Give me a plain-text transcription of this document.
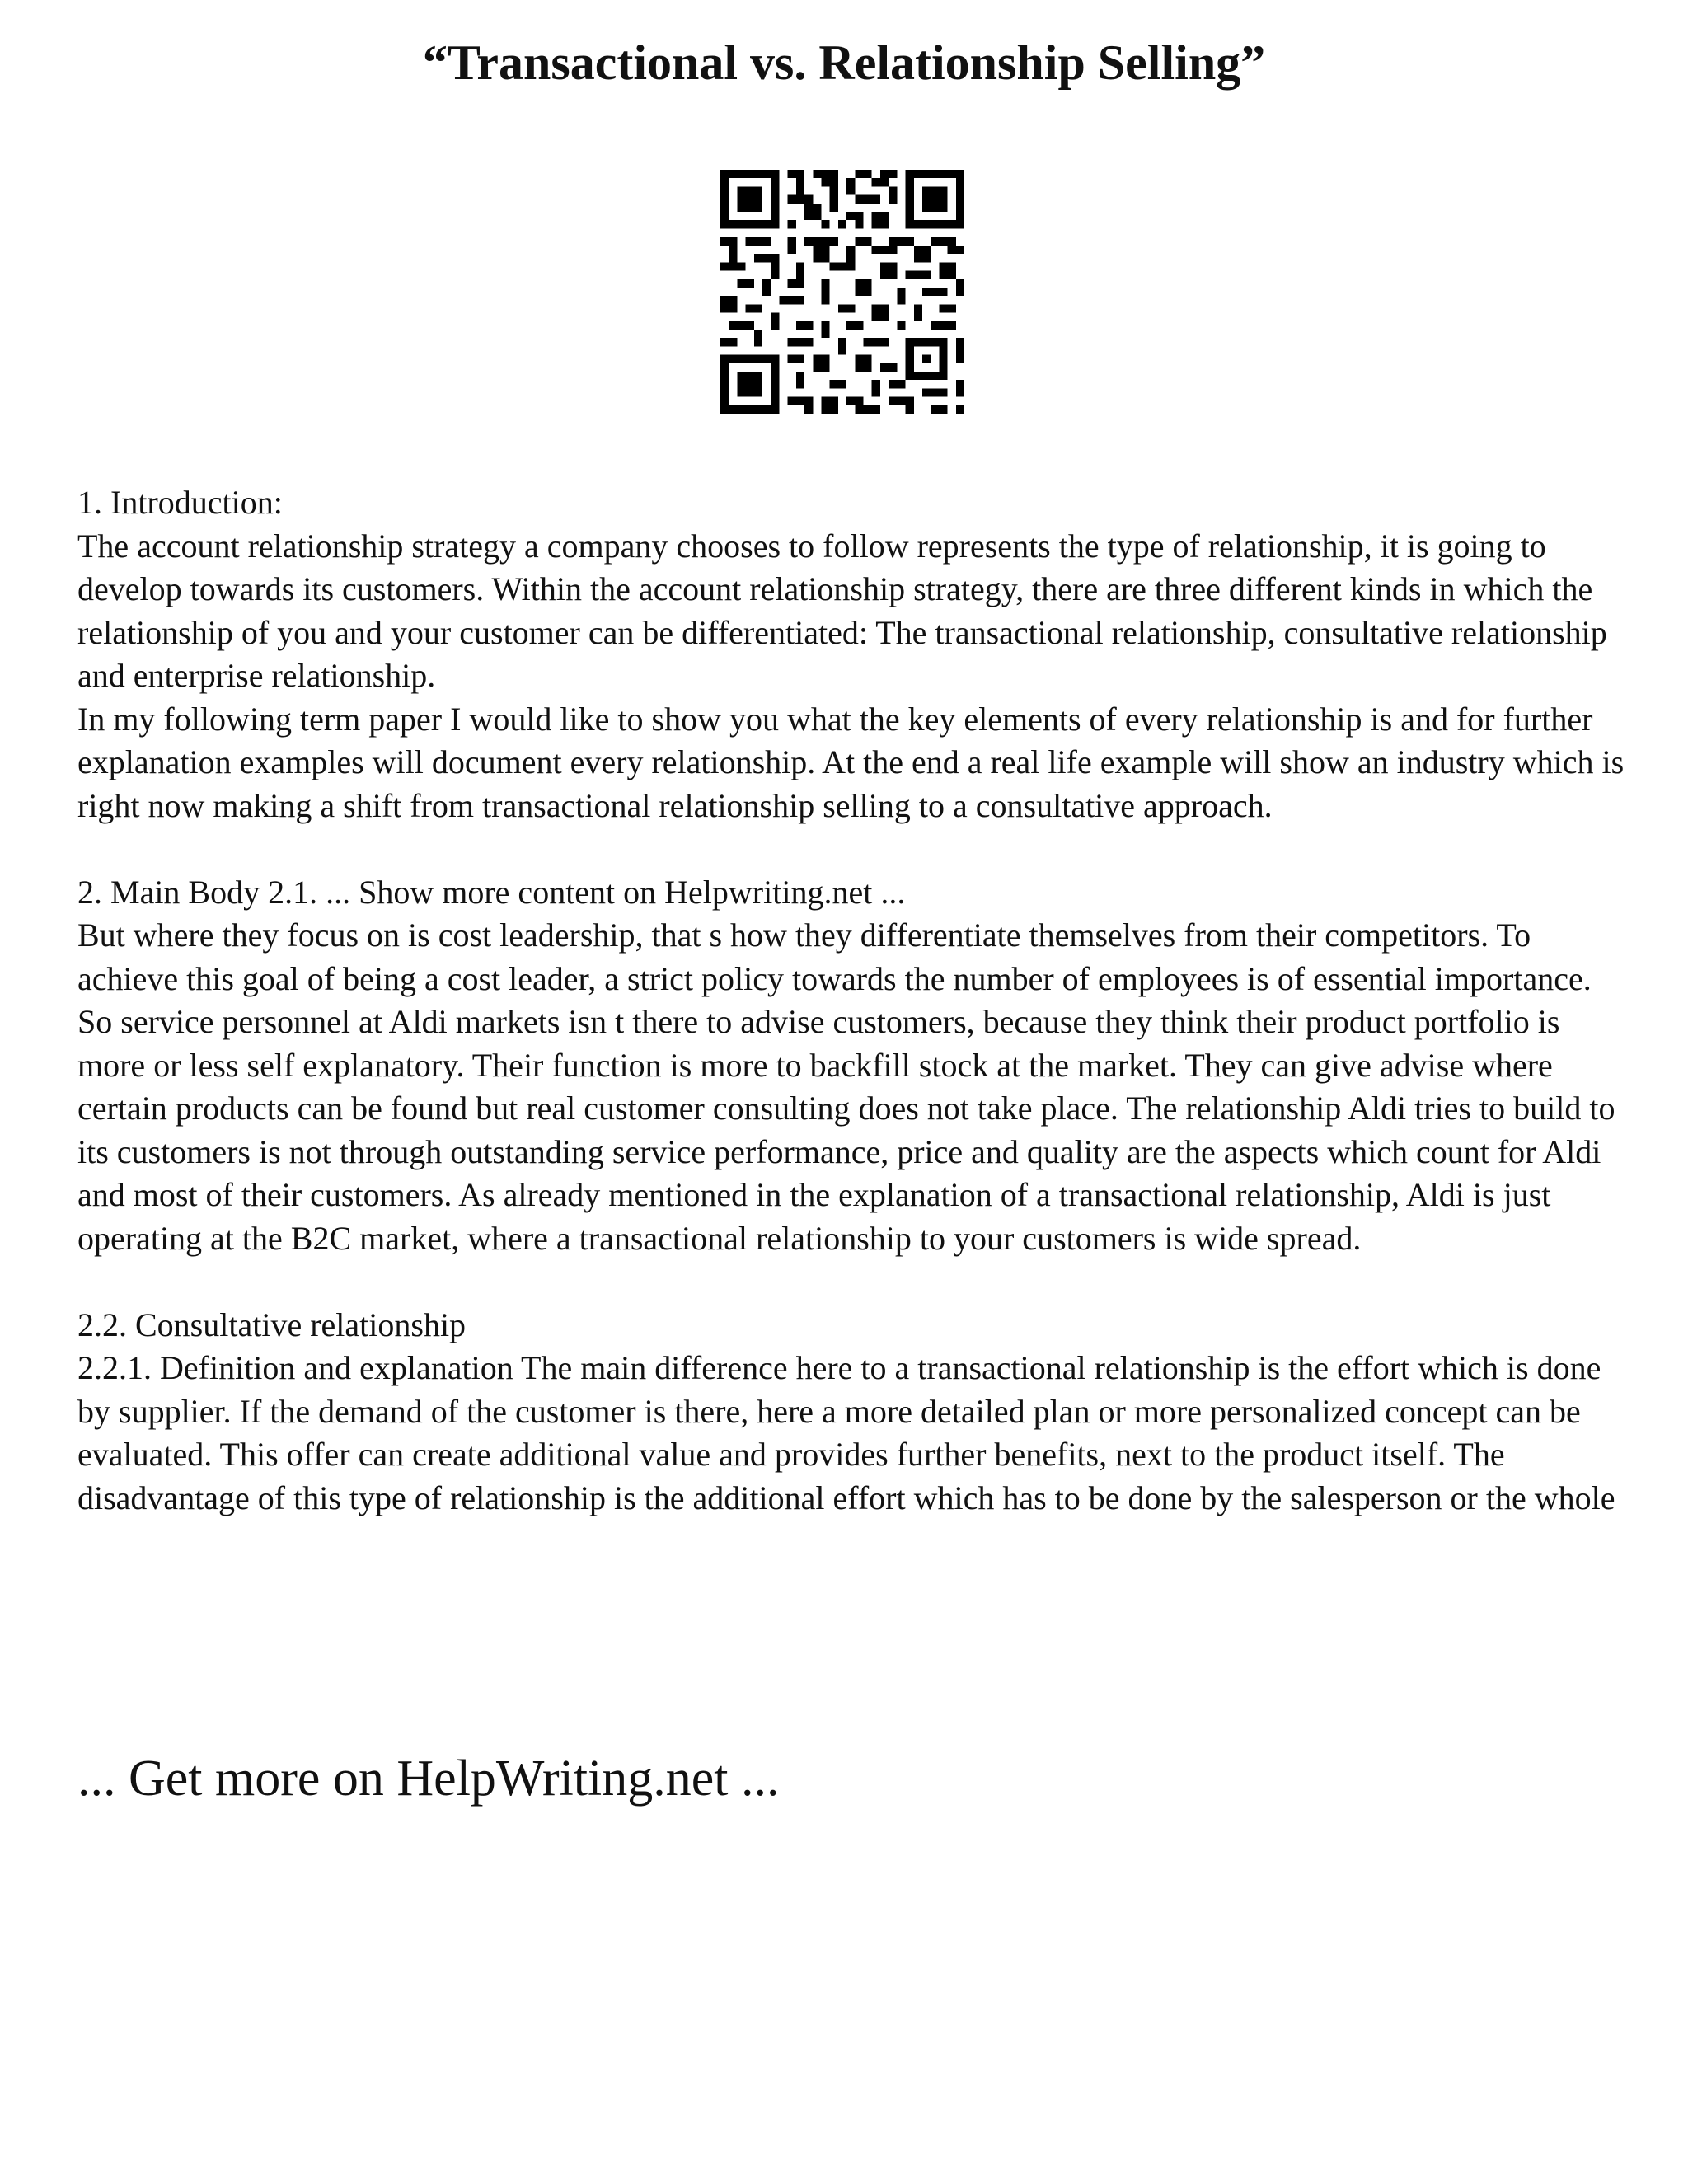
“Transactional vs. Relationship Selling”

1. Introduction:

The account relationship strategy a company chooses to follow represents the type of relationship, it is going to develop towards its customers. Within the account relationship strategy, there are three different kinds in which the relationship of you and your customer can be differentiated: The transactional relationship, consultative relationship and enterprise relationship.

In my following term paper I would like to show you what the key elements of every relationship is and for further explanation examples will document every relationship. At the end a real life example will show an industry which is right now making a shift from transactional relationship selling to a consultative approach.

2. Main Body 2.1. ... Show more content on Helpwriting.net ...

But where they focus on is cost leadership, that s how they differentiate themselves from their competitors. To achieve this goal of being a cost leader, a strict policy towards the number of employees is of essential importance. So service personnel at Aldi markets isn t there to advise customers, because they think their product portfolio is more or less self explanatory. Their function is more to backfill stock at the market. They can give advise where certain products can be found but real customer consulting does not take place. The relationship Aldi tries to build to its customers is not through outstanding service performance, price and quality are the aspects which count for Aldi and most of their customers. As already mentioned in the explanation of a transactional relationship, Aldi is just operating at the B2C market, where a transactional relationship to your customers is wide spread.

2.2. Consultative relationship

2.2.1. Definition and explanation The main difference here to a transactional relationship is the effort which is done by supplier. If the demand of the customer is there, here a more detailed plan or more personalized concept can be evaluated. This offer can create additional value and provides further benefits, next to the product itself. The disadvantage of this type of relationship is the additional effort which has to be done by the salesperson or the whole

... Get more on HelpWriting.net ...
